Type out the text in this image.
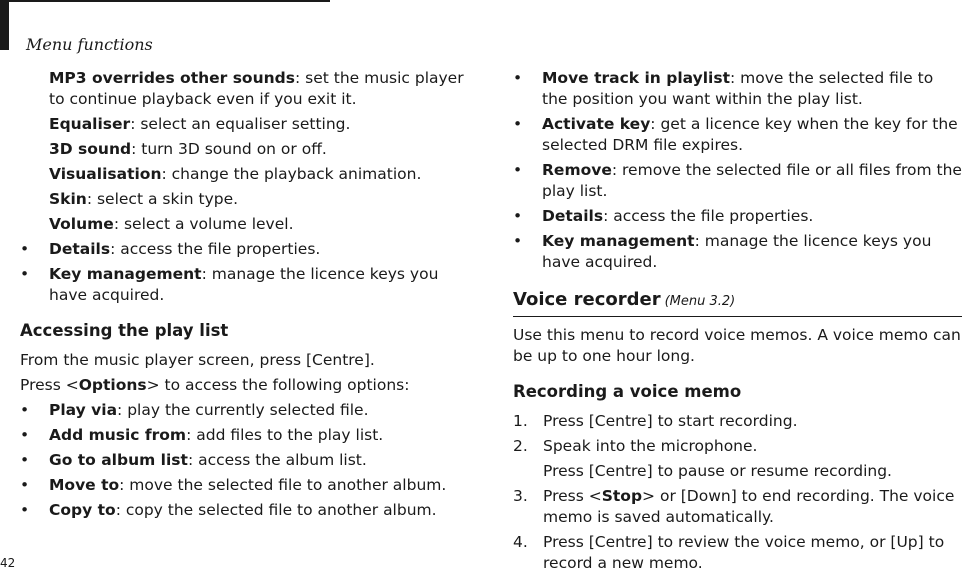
Menu functions

MP3 overrides other sounds: set the music player to continue playback even if you exit it.

Equaliser: select an equaliser setting.

3D sound: turn 3D sound on or off.

Visualisation: change the playback animation.

Skin: select a skin type.

Volume: select a volume level.

• Details: access the file properties.
• Key management: manage the licence keys you have acquired.

Accessing the play list

From the music player screen, press [Centre].

Press <Options> to access the following options:

• Play via: play the currently selected file.
• Add music from: add files to the play list.
• Go to album list: access the album list.
• Move to: move the selected file to another album.
• Copy to: copy the selected file to another album.
• Move track in playlist: move the selected file to the position you want within the play list.
• Activate key: get a licence key when the key for the selected DRM file expires.
• Remove: remove the selected file or all files from the play list.
• Details: access the file properties.
• Key management: manage the licence keys you have acquired.
Voice recorder (Menu 3.2)

Use this menu to record voice memos. A voice memo can be up to one hour long.

Recording a voice memo

1. Press [Centre] to start recording.
2. Speak into the microphone.

Press [Centre] to pause or resume recording.

3. Press <Stop> or [Down] to end recording. The voice memo is saved automatically.
4. Press [Centre] to review the voice memo, or [Up] to record a new memo.
42
